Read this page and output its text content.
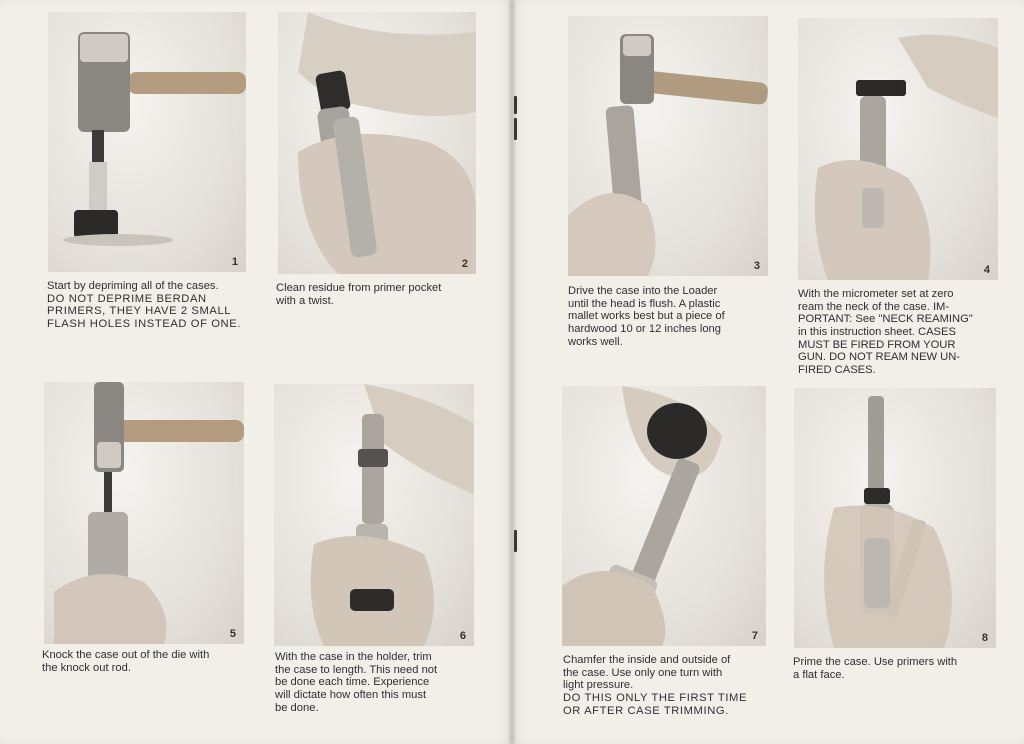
1
Start by depriming all of the cases.
DO NOT DEPRIME BERDAN
PRIMERS, THEY HAVE 2 SMALL
FLASH HOLES INSTEAD OF ONE.
2
Clean residue from primer pocket
with a twist.
3
Drive the case into the Loader
until the head is flush. A plastic
mallet works best but a piece of
hardwood 10 or 12 inches long
works well.
4
With the micrometer set at zero
ream the neck of the case. IM-
PORTANT: See "NECK REAMING"
in this instruction sheet. CASES
MUST BE FIRED FROM YOUR
GUN. DO NOT REAM NEW UN-
FIRED CASES.
5
Knock the case out of the die with
the knock out rod.
6
With the case in the holder, trim
the case to length. This need not
be done each time. Experience
will dictate how often this must
be done.
7
Chamfer the inside and outside of
the case. Use only one turn with
light pressure.
DO THIS ONLY THE FIRST TIME
OR AFTER CASE TRIMMING.
8
Prime the case. Use primers with
a flat face.
